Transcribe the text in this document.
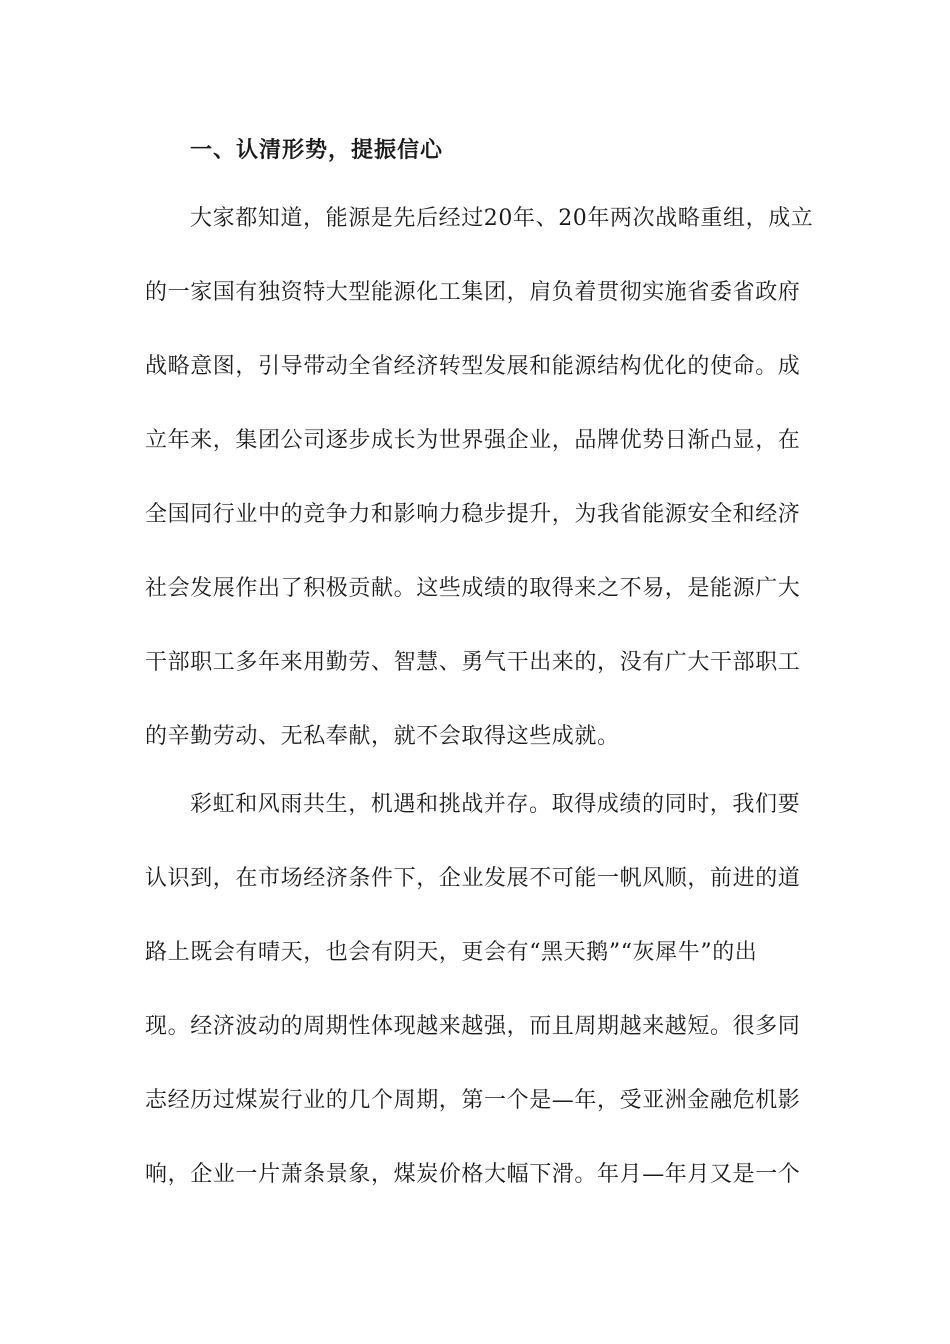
一、认清形势，提振信心
大家都知道，能源是先后经过20年、20年两次战略重组，成立
的一家国有独资特大型能源化工集团，肩负着贯彻实施省委省政府
战略意图，引导带动全省经济转型发展和能源结构优化的使命。成
立年来，集团公司逐步成长为世界强企业，品牌优势日渐凸显，在
全国同行业中的竞争力和影响力稳步提升，为我省能源安全和经济
社会发展作出了积极贡献。这些成绩的取得来之不易，是能源广大
干部职工多年来用勤劳、智慧、勇气干出来的，没有广大干部职工
的辛勤劳动、无私奉献，就不会取得这些成就。
彩虹和风雨共生，机遇和挑战并存。取得成绩的同时，我们要
认识到，在市场经济条件下，企业发展不可能一帆风顺，前进的道
路上既会有晴天，也会有阴天，更会有“黑天鹅”“灰犀牛”的出
现。经济波动的周期性体现越来越强，而且周期越来越短。很多同
志经历过煤炭行业的几个周期，第一个是—年，受亚洲金融危机影
响，企业一片萧条景象，煤炭价格大幅下滑。年月—年月又是一个
